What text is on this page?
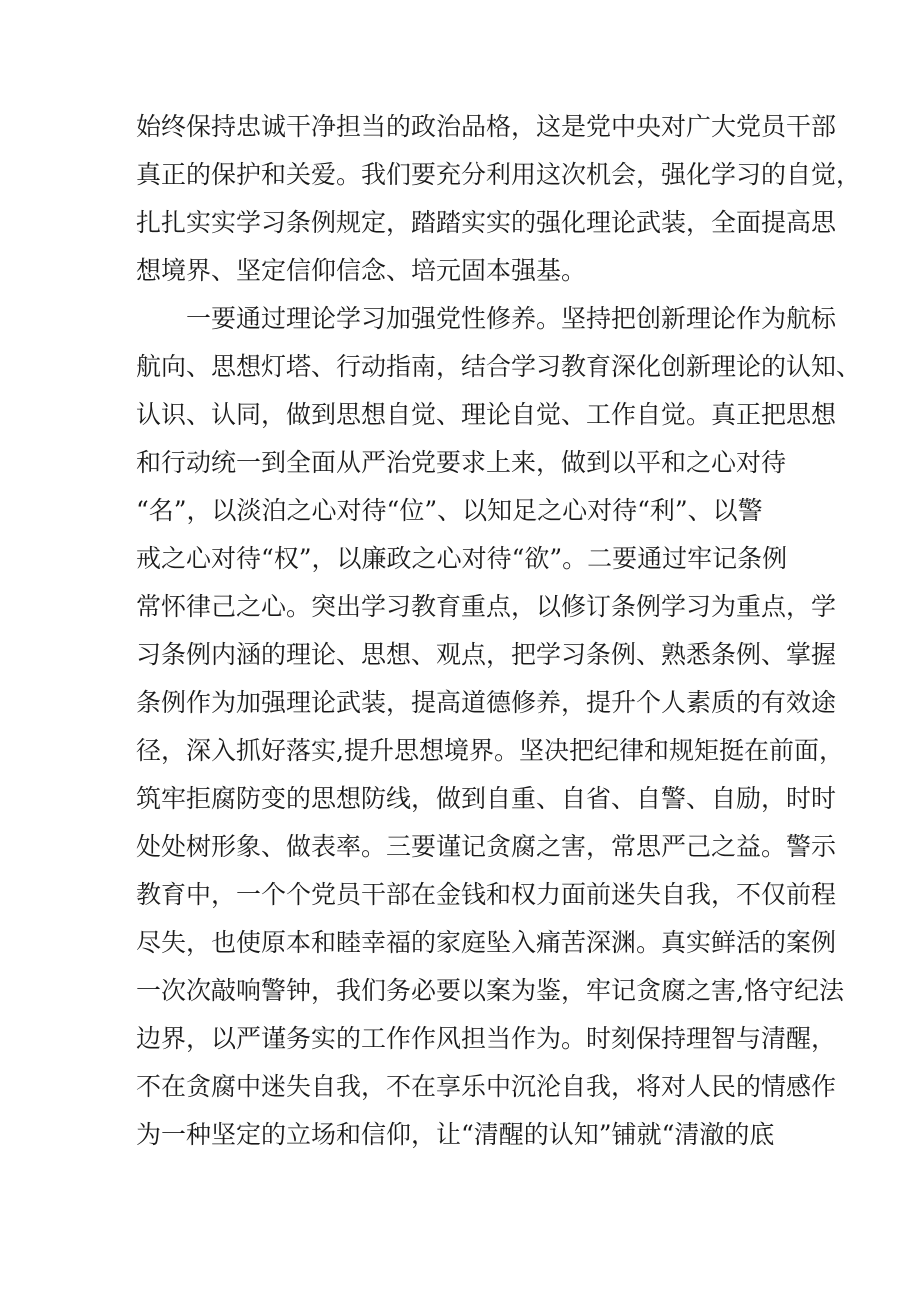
始终保持忠诚干净担当的政治品格，这是党中央对广大党员干部
真正的保护和关爱。我们要充分利用这次机会，强化学习的自觉，
扎扎实实学习条例规定，踏踏实实的强化理论武装，全面提高思
想境界、坚定信仰信念、培元固本强基。
一要通过理论学习加强党性修养。坚持把创新理论作为航标
航向、思想灯塔、行动指南，结合学习教育深化创新理论的认知、
认识、认同，做到思想自觉、理论自觉、工作自觉。真正把思想
和行动统一到全面从严治党要求上来，做到以平和之心对待
“名”，以淡泊之心对待“位”、以知足之心对待“利”、以警
戒之心对待“权”，以廉政之心对待“欲”。二要通过牢记条例
常怀律己之心。突出学习教育重点，以修订条例学习为重点，学
习条例内涵的理论、思想、观点，把学习条例、熟悉条例、掌握
条例作为加强理论武装，提高道德修养，提升个人素质的有效途
径，深入抓好落实,提升思想境界。坚决把纪律和规矩挺在前面，
筑牢拒腐防变的思想防线，做到自重、自省、自警、自励，时时
处处树形象、做表率。三要谨记贪腐之害，常思严己之益。警示
教育中，一个个党员干部在金钱和权力面前迷失自我，不仅前程
尽失，也使原本和睦幸福的家庭坠入痛苦深渊。真实鲜活的案例
一次次敲响警钟，我们务必要以案为鉴，牢记贪腐之害,恪守纪法
边界，以严谨务实的工作作风担当作为。时刻保持理智与清醒，
不在贪腐中迷失自我，不在享乐中沉沦自我，将对人民的情感作
为一种坚定的立场和信仰，让“清醒的认知”铺就“清澈的底
